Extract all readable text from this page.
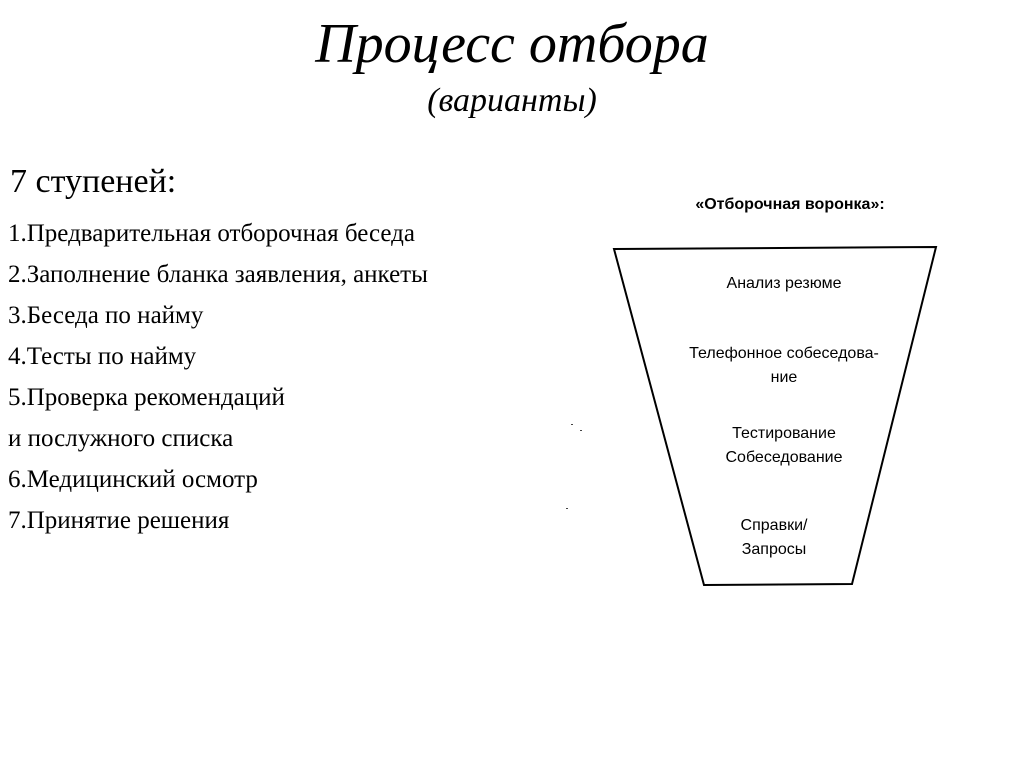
Процесс отбора
(варианты)
7 ступеней:
1.Предварительная отборочная беседа
2.Заполнение бланка заявления, анкеты
3.Беседа по найму
4.Тесты по найму
5.Проверка рекомендаций
и послужного списка
6.Медицинский осмотр
7.Принятие решения
«Отборочная воронка»:
Анализ резюме
Телефонное собеседова-
ние
Тестирование
Собеседование
Справки/
Запросы
